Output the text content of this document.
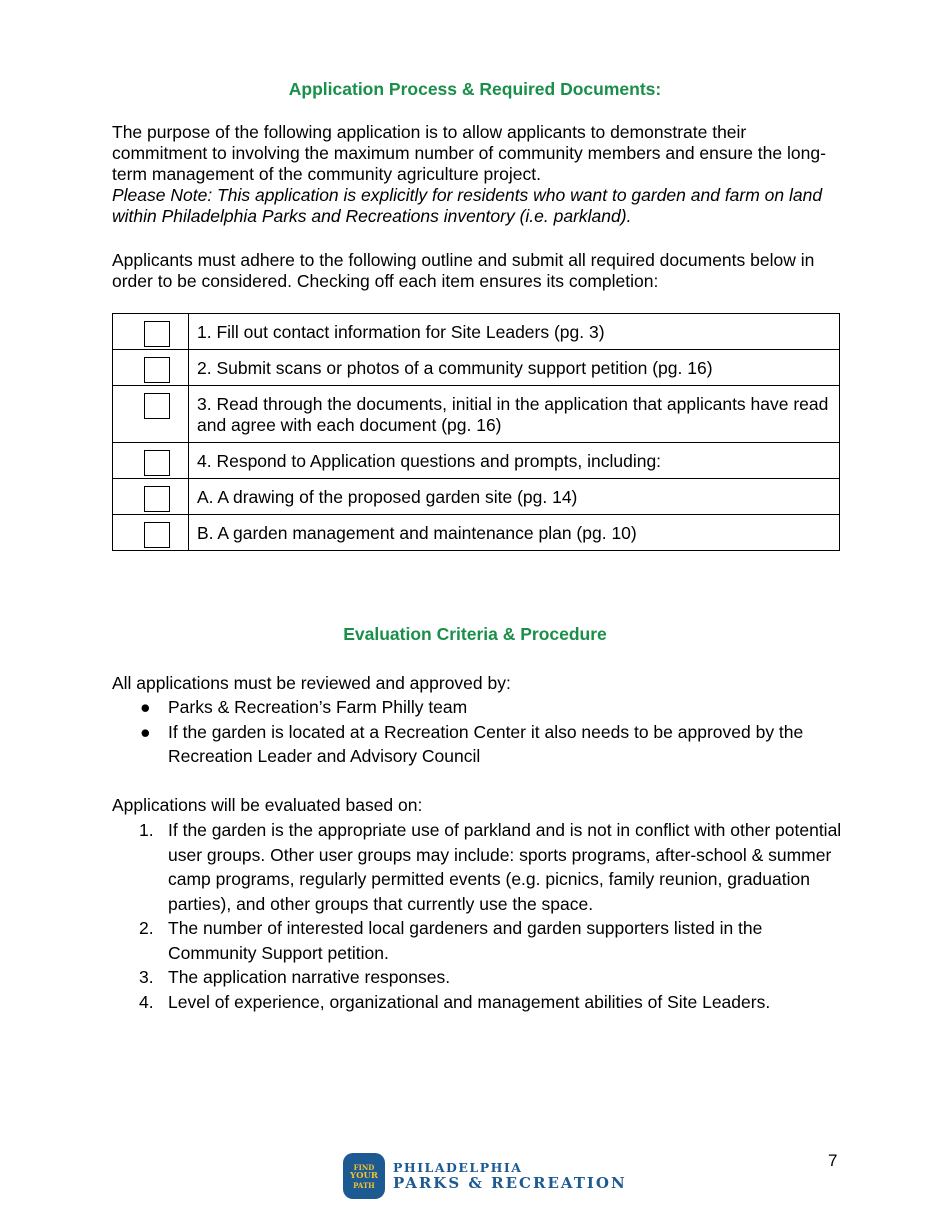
Application Process & Required Documents:

The purpose of the following application is to allow applicants to demonstrate their commitment to involving the maximum number of community members and ensure the long-term management of the community agriculture project.

Please Note: This application is explicitly for residents who want to garden and farm on land within Philadelphia Parks and Recreations inventory (i.e. parkland).

Applicants must adhere to the following outline and submit all required documents below in order to be considered. Checking off each item ensures its completion:
	1. Fill out contact information for Site Leaders (pg. 3)

	2. Submit scans or photos of a community support petition (pg. 16)

	3. Read through the documents, initial in the application that applicants have read and agree with each document (pg. 16)

	4. Respond to Application questions and prompts, including:

	A. A drawing of the proposed garden site (pg. 14)

	B. A garden management and maintenance plan (pg. 10)
Evaluation Criteria & Procedure
All applications must be reviewed and approved by:
● Parks & Recreation’s Farm Philly team
● If the garden is located at a Recreation Center it also needs to be approved by the Recreation Leader and Advisory Council
Applications will be evaluated based on:
1. If the garden is the appropriate use of parkland and is not in conflict with other potential user groups. Other user groups may include: sports programs, after-school & summer camp programs, regularly permitted events (e.g. picnics, family reunion, graduation parties), and other groups that currently use the space.
2. The number of interested local gardeners and garden supporters listed in the Community Support petition.
3. The application narrative responses.
4. Level of experience, organizational and management abilities of Site Leaders.
FIND
YOUR
PATH
PHILADELPHIA
PARKS & RECREATION
7
